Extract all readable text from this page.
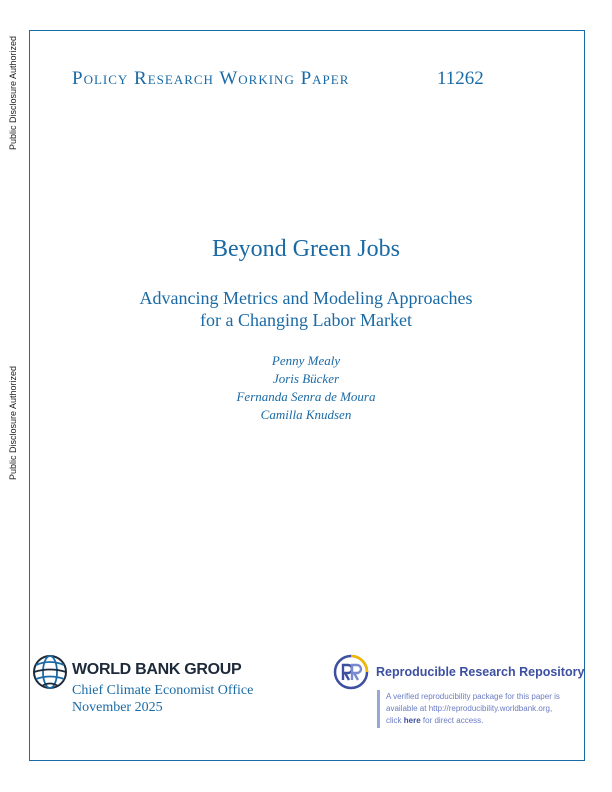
Public Disclosure Authorized
Public Disclosure Authorized
Policy Research Working Paper	11262
Beyond Green Jobs
Advancing Metrics and Modeling Approaches
for a Changing Labor Market
Penny Mealy
Joris Bücker
Fernanda Senra de Moura
Camilla Knudsen
WORLD BANK GROUP
Chief Climate Economist Office
November 2025
Reproducible Research Repository
A verified reproducibility package for this paper is
available at http://reproducibility.worldbank.org,
click here for direct access.
